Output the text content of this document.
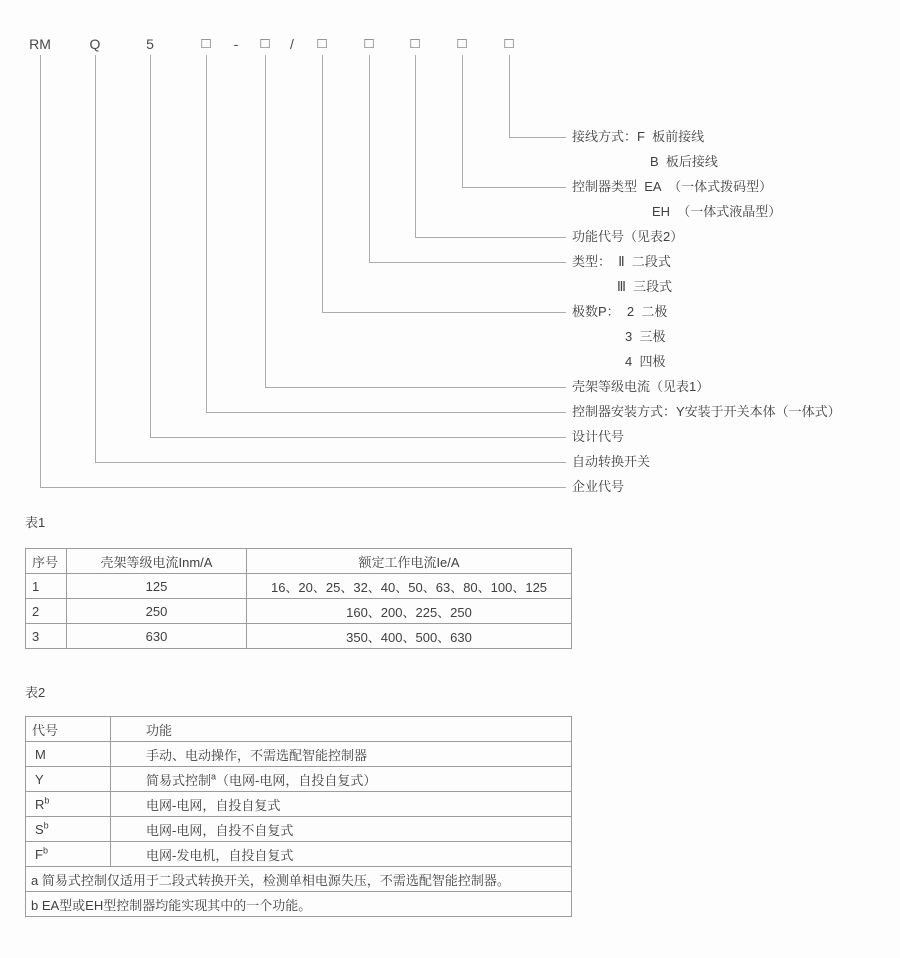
RM	Q	5	□ - □ / □	□ □	□	□
接线方式：F  板前接线
B  板后接线
控制器类型  EA  （一体式拨码型）
EH  （一体式液晶型）
功能代号（见表2）
类型：  Ⅱ  二段式
Ⅲ  三段式
极数P：  2  二极
3  三极
4  四极
壳架等级电流（见表1）
控制器安装方式：Y安装于开关本体（一体式）
设计代号
自动转换开关
企业代号
表1
序号	壳架等级电流Inm/A	额定工作电流Ie/A
1	125	16、20、25、32、40、50、63、80、100、125
2	250	160、200、225、250
3	630	350、400、500、630
表2
代号	功能
M	手动、电动操作，不需选配智能控制器
Y	简易式控制$^a$（电网-电网，自投自复式）
$R^b$	电网-电网，自投自复式
$S^b$	电网-电网，自投不自复式
$F^b$	电网-发电机，自投自复式
a 简易式控制仅适用于二段式转换开关，检测单相电源失压，不需选配智能控制器。	
b EA型或EH型控制器均能实现其中的一个功能。	
